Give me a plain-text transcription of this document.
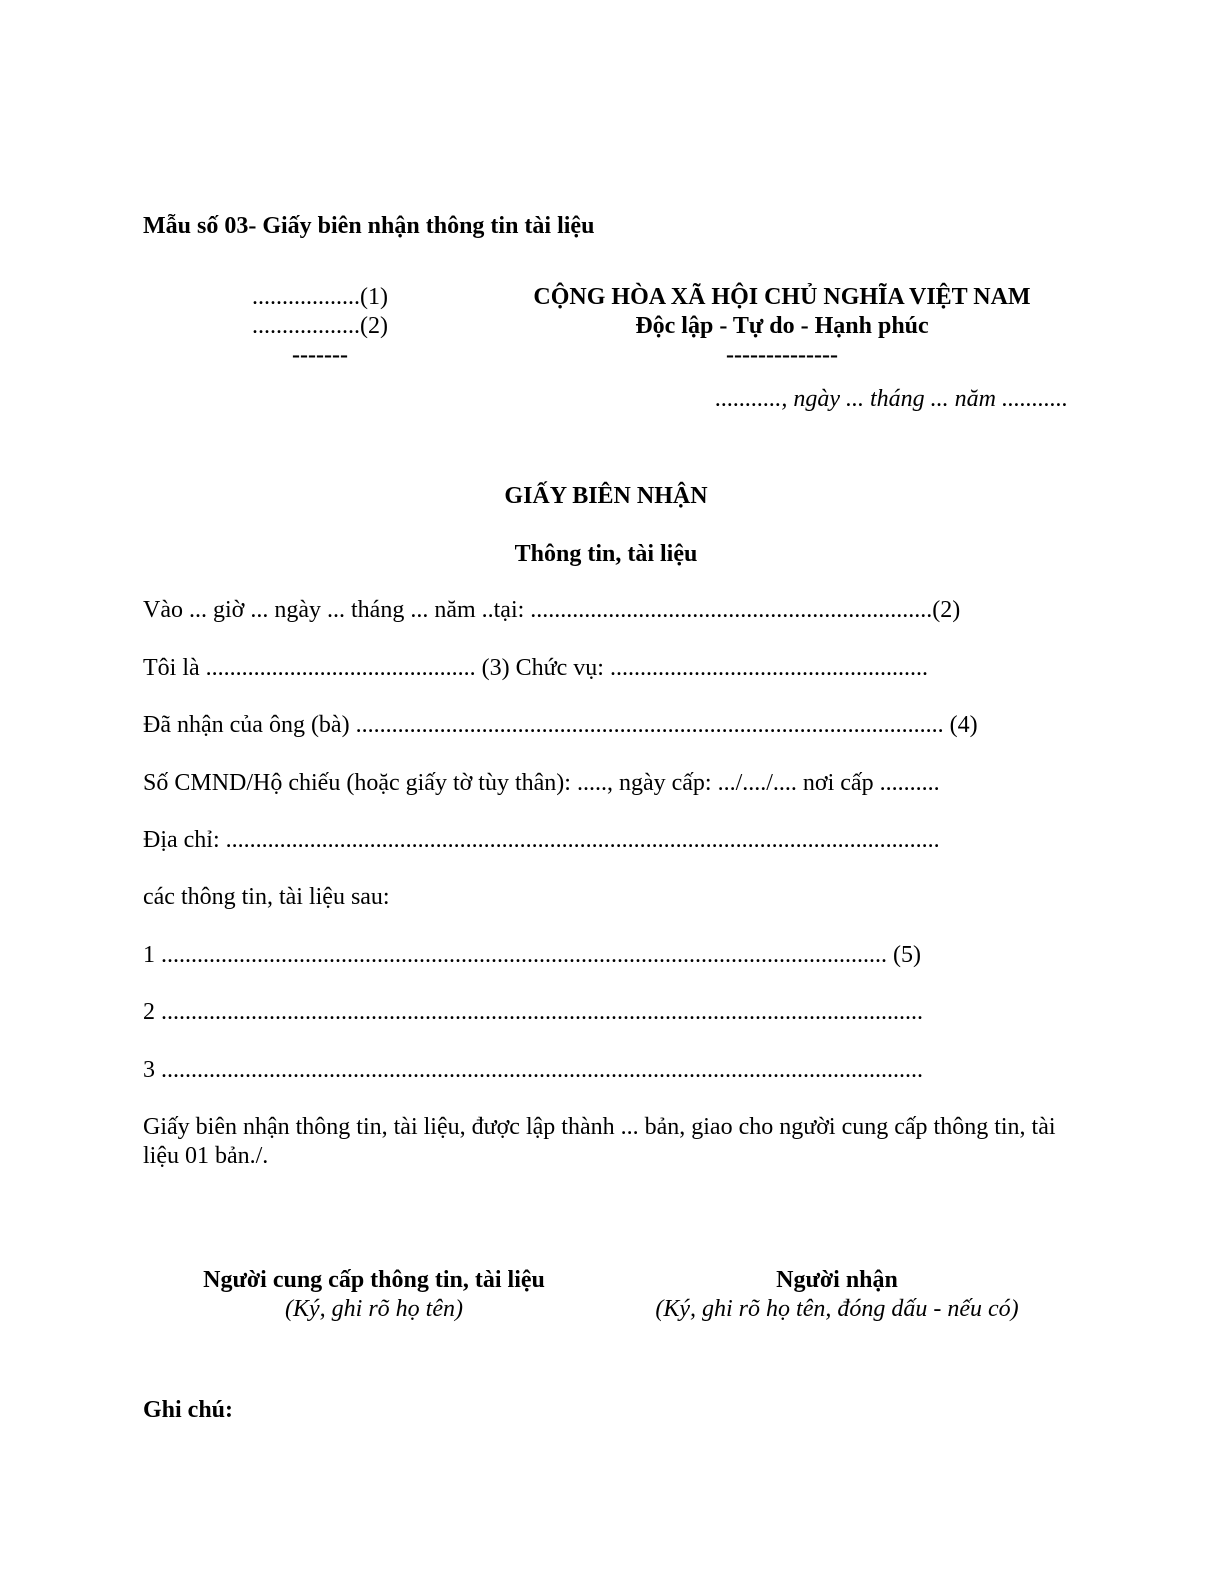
Mẫu số 03- Giấy biên nhận thông tin tài liệu
..................(1)
..................(2)
-------
CỘNG HÒA XÃ HỘI CHỦ NGHĨA VIỆT NAM
Độc lập - Tự do - Hạnh phúc
--------------
..........., ngày ... tháng ... năm ...........
GIẤY BIÊN NHẬN
Thông tin, tài liệu
Vào ... giờ ... ngày ... tháng ... năm ..tại: ...................................................................(2)
Tôi là ............................................. (3) Chức vụ: .....................................................
Đã nhận của ông (bà) .................................................................................................. (4)
Số CMND/Hộ chiếu (hoặc giấy tờ tùy thân): ....., ngày cấp: .../..../.... nơi cấp ..........
Địa chỉ: .......................................................................................................................
các thông tin, tài liệu sau:
1 ......................................................................................................................... (5)
2 ...............................................................................................................................
3 ...............................................................................................................................
Giấy biên nhận thông tin, tài liệu, được lập thành ... bản, giao cho người cung cấp thông tin, tài liệu 01 bản./.
Người cung cấp thông tin, tài liệu
(Ký, ghi rõ họ tên)
Người nhận
(Ký, ghi rõ họ tên, đóng dấu - nếu có)
Ghi chú:
